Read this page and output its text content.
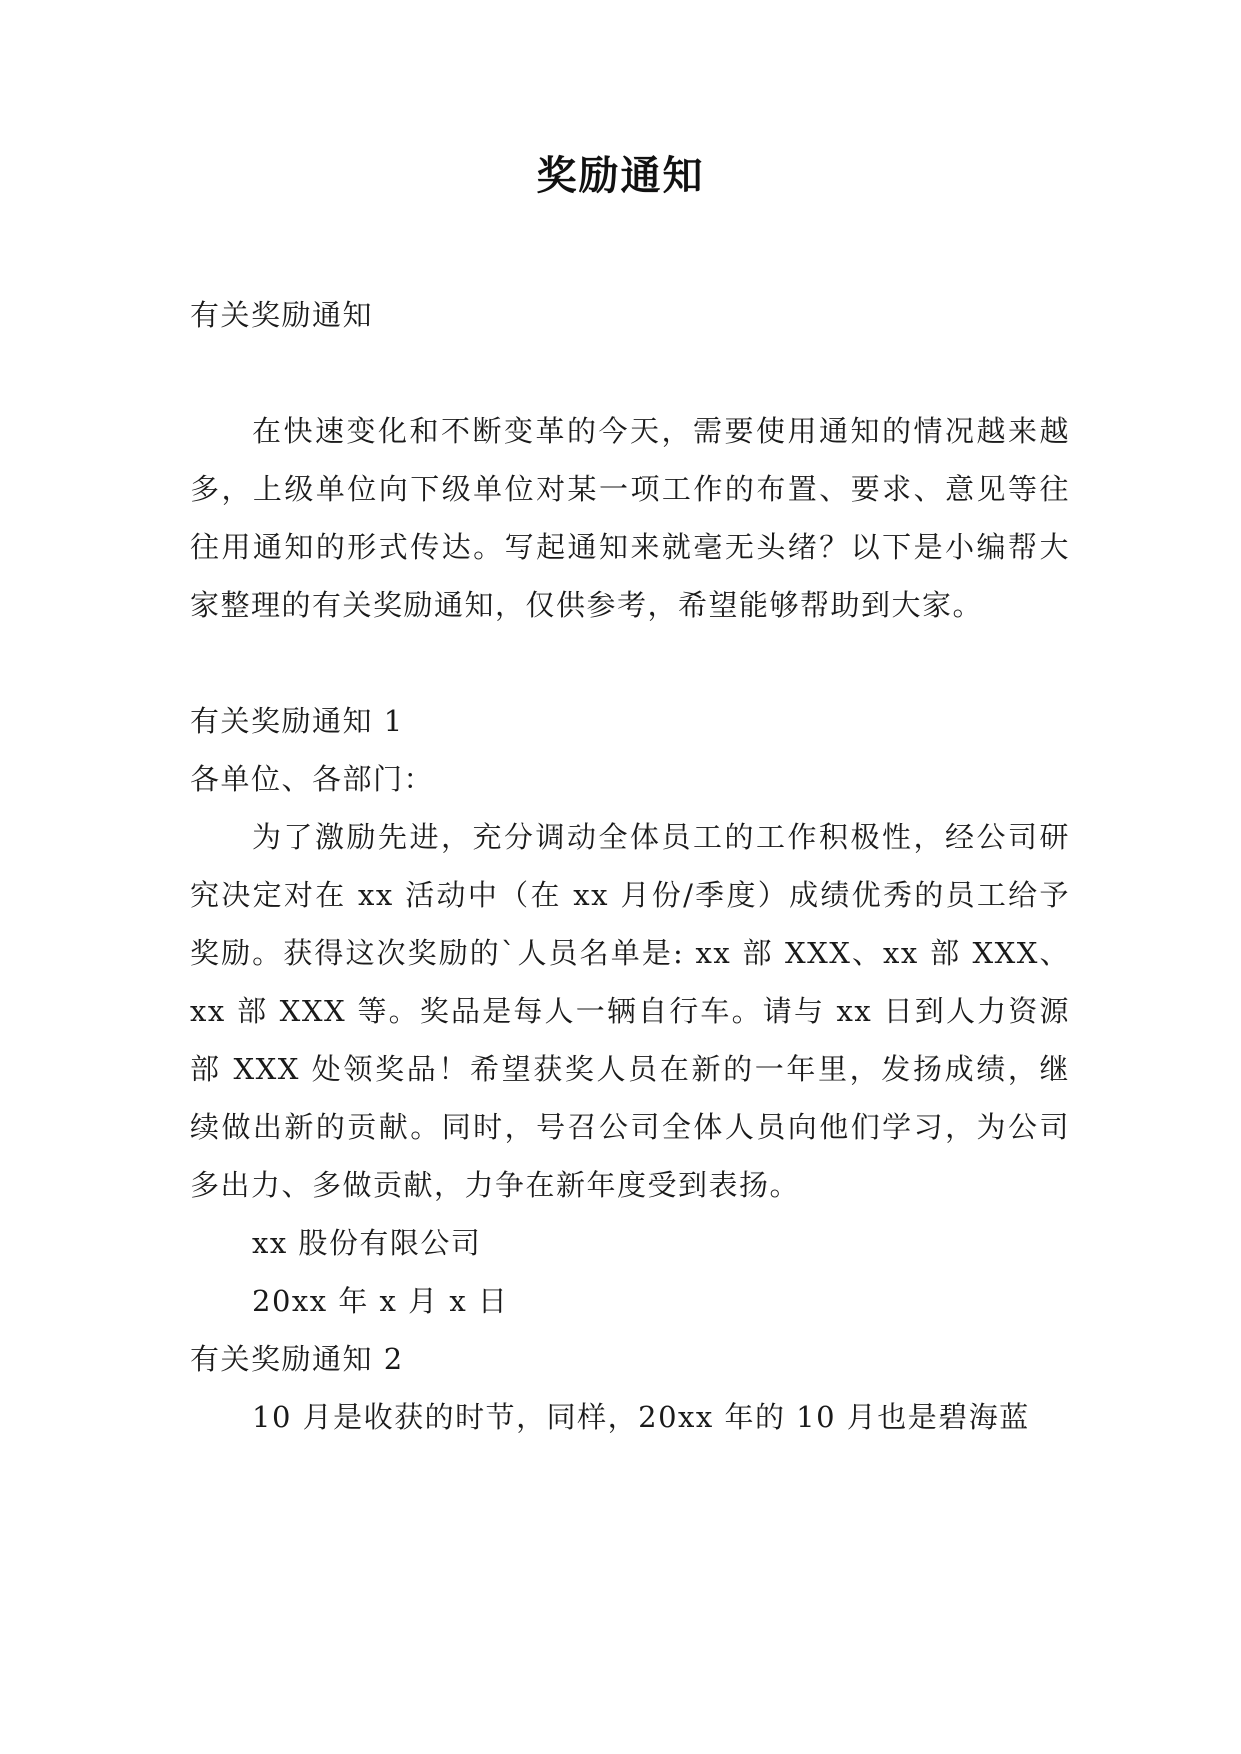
奖励通知

有关奖励通知

在快速变化和不断变革的今天，需要使用通知的情况越来越多，上级单位向下级单位对某一项工作的布置、要求、意见等往往用通知的形式传达。写起通知来就毫无头绪？以下是小编帮大家整理的有关奖励通知，仅供参考，希望能够帮助到大家。

有关奖励通知 1

各单位、各部门：

为了激励先进，充分调动全体员工的工作积极性，经公司研究决定对在 xx 活动中（在 xx 月份/季度）成绩优秀的员工给予奖励。获得这次奖励的`人员名单是: xx 部 XXX、xx 部 XXX、xx 部 XXX 等。奖品是每人一辆自行车。请与 xx 日到人力资源部 XXX 处领奖品！希望获奖人员在新的一年里，发扬成绩，继续做出新的贡献。同时，号召公司全体人员向他们学习，为公司多出力、多做贡献，力争在新年度受到表扬。

xx 股份有限公司

20xx 年 x 月 x 日

有关奖励通知 2

10 月是收获的时节，同样，20xx 年的 10 月也是碧海蓝
